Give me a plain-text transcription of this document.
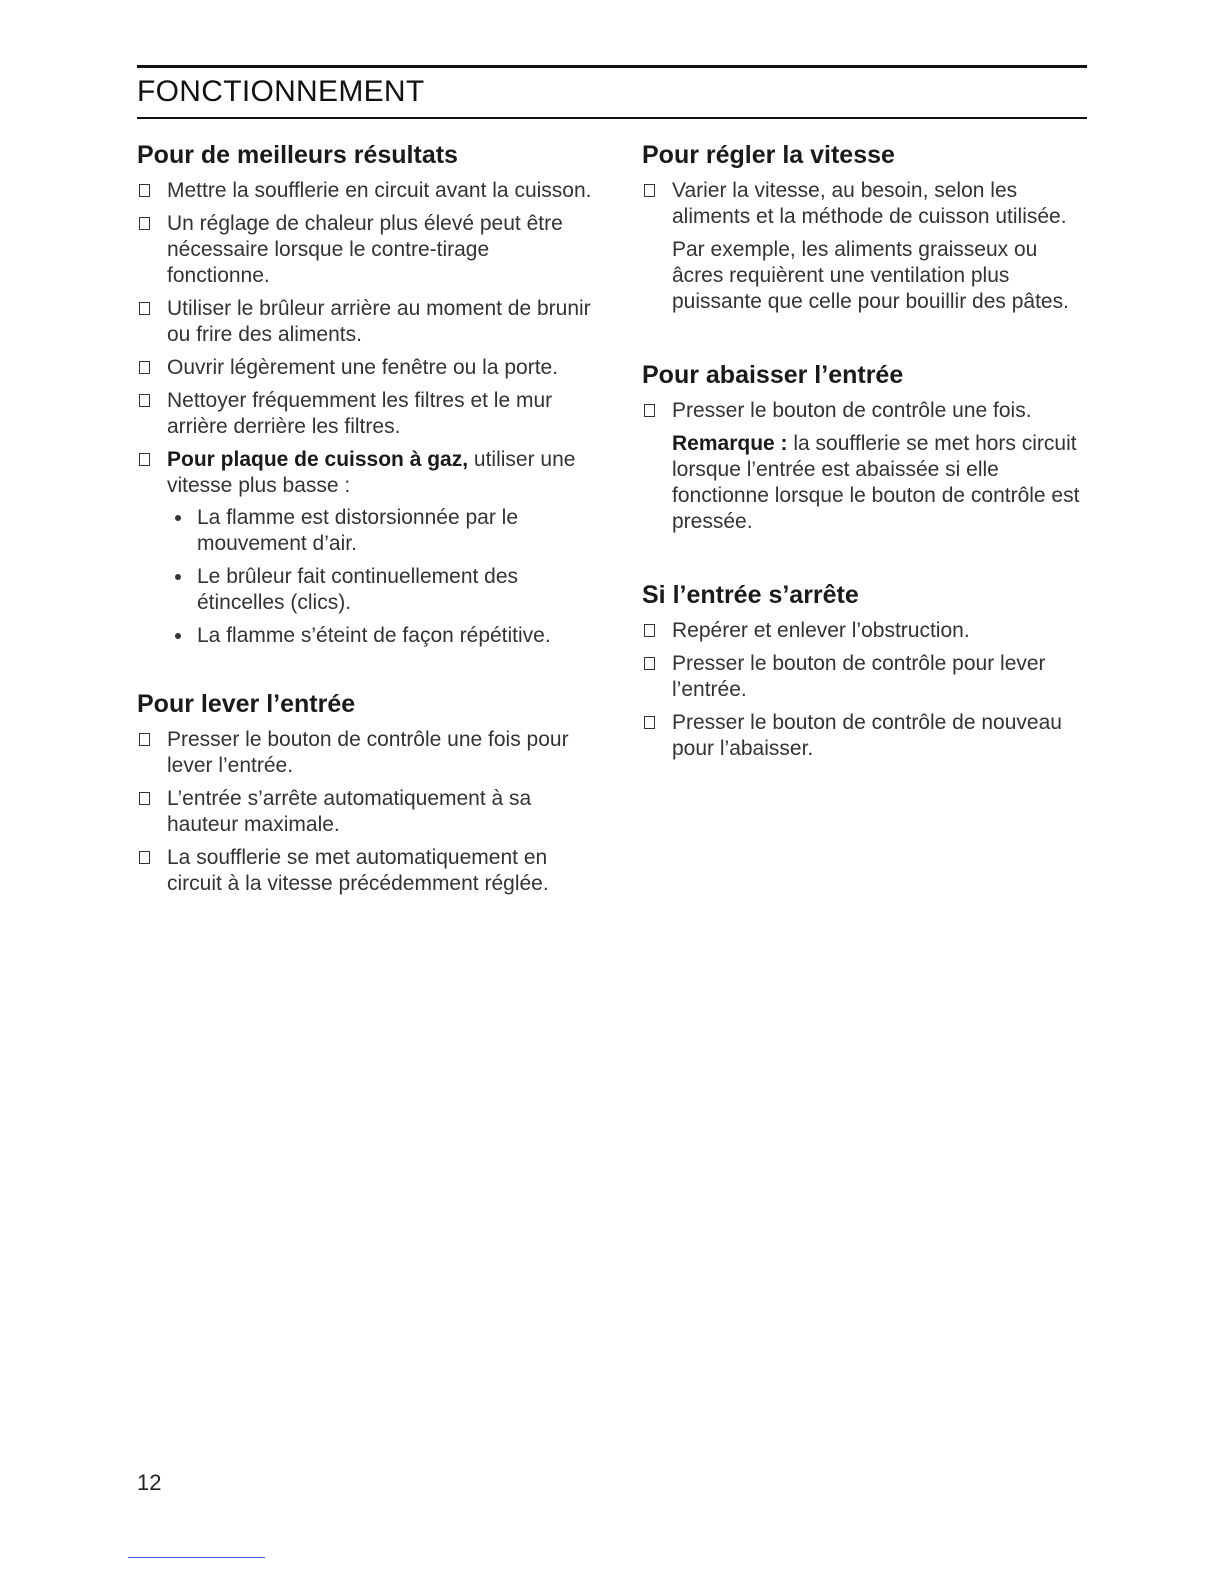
FONCTIONNEMENT
Pour de meilleurs résultats
Mettre la soufflerie en circuit avant la cuisson.
Un réglage de chaleur plus élevé peut être nécessaire lorsque le contre-tirage fonctionne.
Utiliser le brûleur arrière au moment de brunir ou frire des aliments.
Ouvrir légèrement une fenêtre ou la porte.
Nettoyer fréquemment les filtres et le mur arrière derrière les filtres.
Pour plaque de cuisson à gaz, utiliser une vitesse plus basse :
La flamme est distorsionnée par le mouvement d’air.
Le brûleur fait continuellement des étincelles (clics).
La flamme s’éteint de façon répétitive.
Pour lever l’entrée
Presser le bouton de contrôle une fois pour lever l’entrée.
L’entrée s’arrête automatiquement à sa hauteur maximale.
La soufflerie se met automatiquement en circuit à la vitesse précédemment réglée.
Pour régler la vitesse
Varier la vitesse, au besoin, selon les aliments et la méthode de cuisson utilisée.

Par exemple, les aliments graisseux ou âcres requièrent une ventilation plus puissante que celle pour bouillir des pâtes.

Pour abaisser l’entrée
Presser le bouton de contrôle une fois.

Remarque : la soufflerie se met hors circuit lorsque l’entrée est abaissée si elle fonctionne lorsque le bouton de contrôle est pressée.

Si l’entrée s’arrête
Repérer et enlever l’obstruction.
Presser le bouton de contrôle pour lever l’entrée.
Presser le bouton de contrôle de nouveau pour l’abaisser.
12
